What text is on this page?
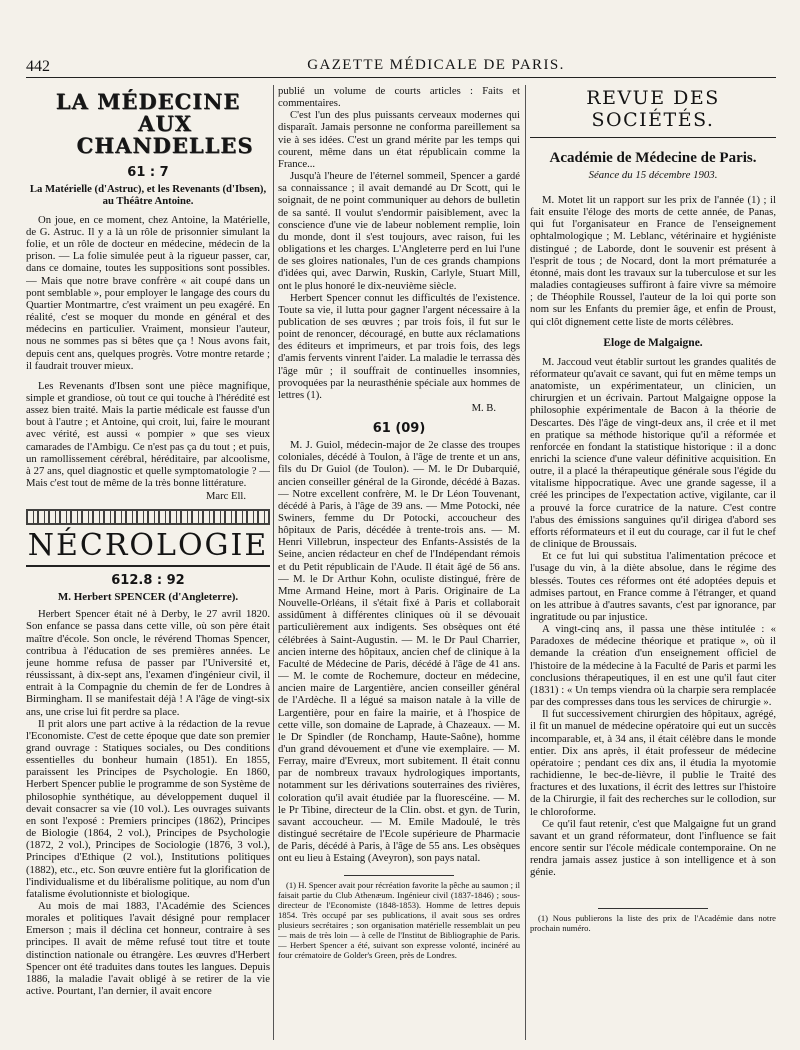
442	GAZETTE MÉDICALE DE PARIS.
LA MÉDECINE
AUX CHANDELLES
61 : 7
La Matérielle (d'Astruc), et les Revenants (d'Ibsen), au Théâtre Antoine.

On joue, en ce moment, chez Antoine, la Matérielle, de G. Astruc. Il y a là un rôle de prisonnier simulant la folie, et un rôle de docteur en médecine, médecin de la prison. — La folie simulée peut à la rigueur passer, car, dans ce domaine, toutes les suppositions sont possibles. — Mais que notre brave confrère « ait coupé dans un pont semblable », pour employer le langage des cours du Quartier Montmartre, c'est vraiment un peu exagéré. En réalité, c'est se moquer du monde en général et des médecins en particulier. Vraiment, monsieur l'auteur, nous ne sommes pas si bêtes que ça ! Nous avons fait, depuis cent ans, quelques progrès. Votre montre retarde ; il faudrait trouver mieux.

Les Revenants d'Ibsen sont une pièce magnifique, simple et grandiose, où tout ce qui touche à l'hérédité est assez bien traité. Mais la partie médicale est fausse d'un bout à l'autre ; et Antoine, qui croit, lui, faire le mourant avec vérité, est aussi « pompier » que ses vieux camarades de l'Ambigu. Ce n'est pas ça du tout ; et puis, un ramollissement cérébral, héréditaire, par alcoolisme, à 27 ans, quel diagnostic et quelle symptomatologie ? — Mais c'est tout de même de la très bonne littérature.

Marc Ell.
NÉCROLOGIE
612.8 : 92
M. Herbert SPENCER (d'Angleterre).

Herbert Spencer était né à Derby, le 27 avril 1820. Son enfance se passa dans cette ville, où son père était maître d'école. Son oncle, le révérend Thomas Spencer, contribua à l'éducation de ses premières années. Le jeune homme refusa de passer par l'Université et, réussissant, à dix-sept ans, l'examen d'ingénieur civil, il entrait à la Compagnie du chemin de fer de Londres à Birmingham. Il se manifestait déjà ! A l'âge de vingt-six ans, une crise lui fit perdre sa place.

Il prit alors une part active à la rédaction de la revue l'Economiste. C'est de cette époque que date son premier grand ouvrage : Statiques sociales, ou Des conditions essentielles du bonheur humain (1851). En 1855, paraissent les Principes de Psychologie. En 1860, Herbert Spencer publie le programme de son Système de philosophie synthétique, au développement duquel il devait consacrer sa vie (10 vol.). Les ouvrages suivants en sont l'exposé : Premiers principes (1862), Principes de Biologie (1864, 2 vol.), Principes de Psychologie (1872, 2 vol.), Principes de Sociologie (1876, 3 vol.), Principes d'Ethique (2 vol.), Institutions politiques (1882), etc., etc. Son œuvre entière fut la glorification de l'individualisme et du libéralisme politique, au nom d'un fatalisme évolutionniste et biologique.

Au mois de mai 1883, l'Académie des Sciences morales et politiques l'avait désigné pour remplacer Emerson ; mais il déclina cet honneur, contraire à ses principes. Il avait de même refusé tout titre et toute distinction nationale ou étrangère. Les œuvres d'Herbert Spencer ont été traduites dans toutes les langues. Depuis 1886, la maladie l'avait obligé à se retirer de la vie active. Pourtant, l'an dernier, il avait encore

publié un volume de courts articles : Faits et commentaires.

C'est l'un des plus puissants cerveaux modernes qui disparaît. Jamais personne ne conforma pareillement sa vie à ses idées. C'est un grand mérite par les temps qui courent, même dans un état républicain comme la France...

Jusqu'à l'heure de l'éternel sommeil, Spencer a gardé sa connaissance ; il avait demandé au Dr Scott, qui le soignait, de ne point communiquer au dehors de bulletin de sa santé. Il voulut s'endormir paisiblement, avec la conscience d'une vie de labeur noblement remplie, loin du monde, dont il s'est toujours, avec raison, fui les obligations et les charges. L'Angleterre perd en lui l'une de ses gloires nationales, l'un de ces grands champions d'idées qui, avec Darwin, Ruskin, Carlyle, Stuart Mill, ont le plus honoré le dix-neuvième siècle.

Herbert Spencer connut les difficultés de l'existence. Toute sa vie, il lutta pour gagner l'argent nécessaire à la publication de ses œuvres ; par trois fois, il fut sur le point de renoncer, découragé, en butte aux réclamations des éditeurs et imprimeurs, et par trois fois, des legs d'amis fervents vinrent l'aider. La maladie le terrassa dès l'âge mûr ; il souffrait de continuelles insomnies, provoquées par la neurasthénie spéciale aux hommes de lettres (1).

M. B.
61 (09)

M. J. Guiol, médecin-major de 2e classe des troupes coloniales, décédé à Toulon, à l'âge de trente et un ans, fils du Dr Guiol (de Toulon). — M. le Dr Dubarquié, ancien conseiller général de la Gironde, décédé à Bazas. — Notre excellent confrère, M. le Dr Léon Touvenant, décédé à Paris, à l'âge de 39 ans. — Mme Potocki, née Swiners, femme du Dr Potocki, accoucheur des hôpitaux de Paris, décédée à trente-trois ans. — M. Henri Villebrun, inspecteur des Enfants-Assistés de la Seine, ancien rédacteur en chef de l'Indépendant rémois et du Petit républicain de l'Aude. Il était âgé de 56 ans. — M. le Dr Arthur Kohn, oculiste distingué, frère de Mme Armand Heine, mort à Paris. Originaire de La Nouvelle-Orléans, il s'était fixé à Paris et collaborait assidûment à différentes cliniques où il se dévouait particulièrement aux indigents. Ses obsèques ont été célébrées à Saint-Augustin. — M. le Dr Paul Charrier, ancien interne des hôpitaux, ancien chef de clinique à la Faculté de Médecine de Paris, décédé à l'âge de 41 ans. — M. le comte de Rochemure, docteur en médecine, ancien maire de Largentière, ancien conseiller général de l'Ardèche. Il a légué sa maison natale à la ville de Largentière, pour en faire la mairie, et à l'hospice de cette ville, son domaine de Laprade, à Chazeaux. — M. le Dr Spindler (de Ronchamp, Haute-Saône), homme d'un grand dévouement et d'une vie exemplaire. — M. Ferray, maire d'Evreux, mort subitement. Il était connu par de nombreux travaux hydrologiques importants, notamment sur les dérivations souterraines des rivières, coloration qu'il avait étudiée par la fluorescéine. — M. le Pr Tibine, directeur de la Clin. obst. et gyn. de Turin, savant accoucheur. — M. Emile Madoulé, le très distingué secrétaire de l'Ecole supérieure de Pharmacie de Paris, décédé à Paris, à l'âge de 55 ans. Les obsèques ont eu lieu à Estaing (Aveyron), son pays natal.

(1) H. Spencer avait pour récréation favorite la pêche au saumon ; il faisait partie du Club Athenæum. Ingénieur civil (1837-1846) ; sous-directeur de l'Economiste (1848-1853). Homme de lettres depuis 1854. Très occupé par ses publications, il avait sous ses ordres plusieurs secrétaires ; son organisation matérielle ressemblait un peu — mais de très loin — à celle de l'Institut de Bibliographie de Paris. — Herbert Spencer a été, suivant son expresse volonté, incinéré au four crématoire de Golder's Green, près de Londres.

REVUE DES SOCIÉTÉS.
Académie de Médecine de Paris.
Séance du 15 décembre 1903.

M. Motet lit un rapport sur les prix de l'année (1) ; il fait ensuite l'éloge des morts de cette année, de Panas, qui fut l'organisateur en France de l'enseignement ophtalmologique ; M. Leblanc, vétérinaire et hygiéniste distingué ; de Laborde, dont le souvenir est présent à l'esprit de tous ; de Nocard, dont la mort prématurée a étonné, mais dont les travaux sur la tuberculose et sur les maladies contagieuses suffiront à faire vivre sa mémoire ; de Théophile Roussel, l'auteur de la loi qui porte son nom sur les Enfants du premier âge, et enfin de Proust, qui clôt dignement cette liste de morts célèbres.

Eloge de Malgaigne.

M. Jaccoud veut établir surtout les grandes qualités de réformateur qu'avait ce savant, qui fut en même temps un anatomiste, un expérimentateur, un clinicien, un chirurgien et un écrivain. Partout Malgaigne oppose la philosophie expérimentale de Bacon à la théorie de Descartes. Dès l'âge de vingt-deux ans, il crée et il met en pratique sa méthode historique qu'il a réformée et renforcée en fondant la statistique historique : il a donc enrichi la science d'une valeur définitive acquisition. En outre, il a placé la thérapeutique générale sous l'égide du vitalisme hippocratique. Avec une grande sagesse, il a créé les principes de l'expectation active, vigilante, car il a prouvé la force curatrice de la nature. C'est contre l'abus des émissions sanguines qu'il dirigea d'abord ses efforts réformateurs et il eut du courage, car il fut le chef de clinique de Broussais.

Et ce fut lui qui substitua l'alimentation précoce et l'usage du vin, à la diète absolue, dans le régime des blessés. Toutes ces réformes ont été adoptées depuis et admises partout, en France comme à l'étranger, et quand on les attribue à d'autres savants, c'est par ignorance, par ingratitude ou par injustice.

A vingt-cinq ans, il passa une thèse intitulée : « Paradoxes de médecine théorique et pratique », où il demande la création d'un enseignement officiel de l'histoire de la médecine à la Faculté de Paris et parmi les conclusions thérapeutiques, il en est une qu'il faut citer (1831) : « Un temps viendra où la charpie sera remplacée par des compresses dans tous les services de chirurgie ».

Il fut successivement chirurgien des hôpitaux, agrégé, il fit un manuel de médecine opératoire qui eut un succès incomparable, et, à 34 ans, il était célèbre dans le monde entier. Dix ans après, il était professeur de médecine opératoire ; pendant ces dix ans, il étudia la myotomie rachidienne, le bec-de-lièvre, il publie le Traité des fractures et des luxations, il écrit des lettres sur l'histoire de la Chirurgie, il fait des recherches sur le collodion, sur le chloroforme.

Ce qu'il faut retenir, c'est que Malgaigne fut un grand savant et un grand réformateur, dont l'influence se fait encore sentir sur l'école médicale contemporaine. On ne rendra jamais assez justice à son intelligence et à son génie.

(1) Nous publierons la liste des prix de l'Académie dans notre prochain numéro.
